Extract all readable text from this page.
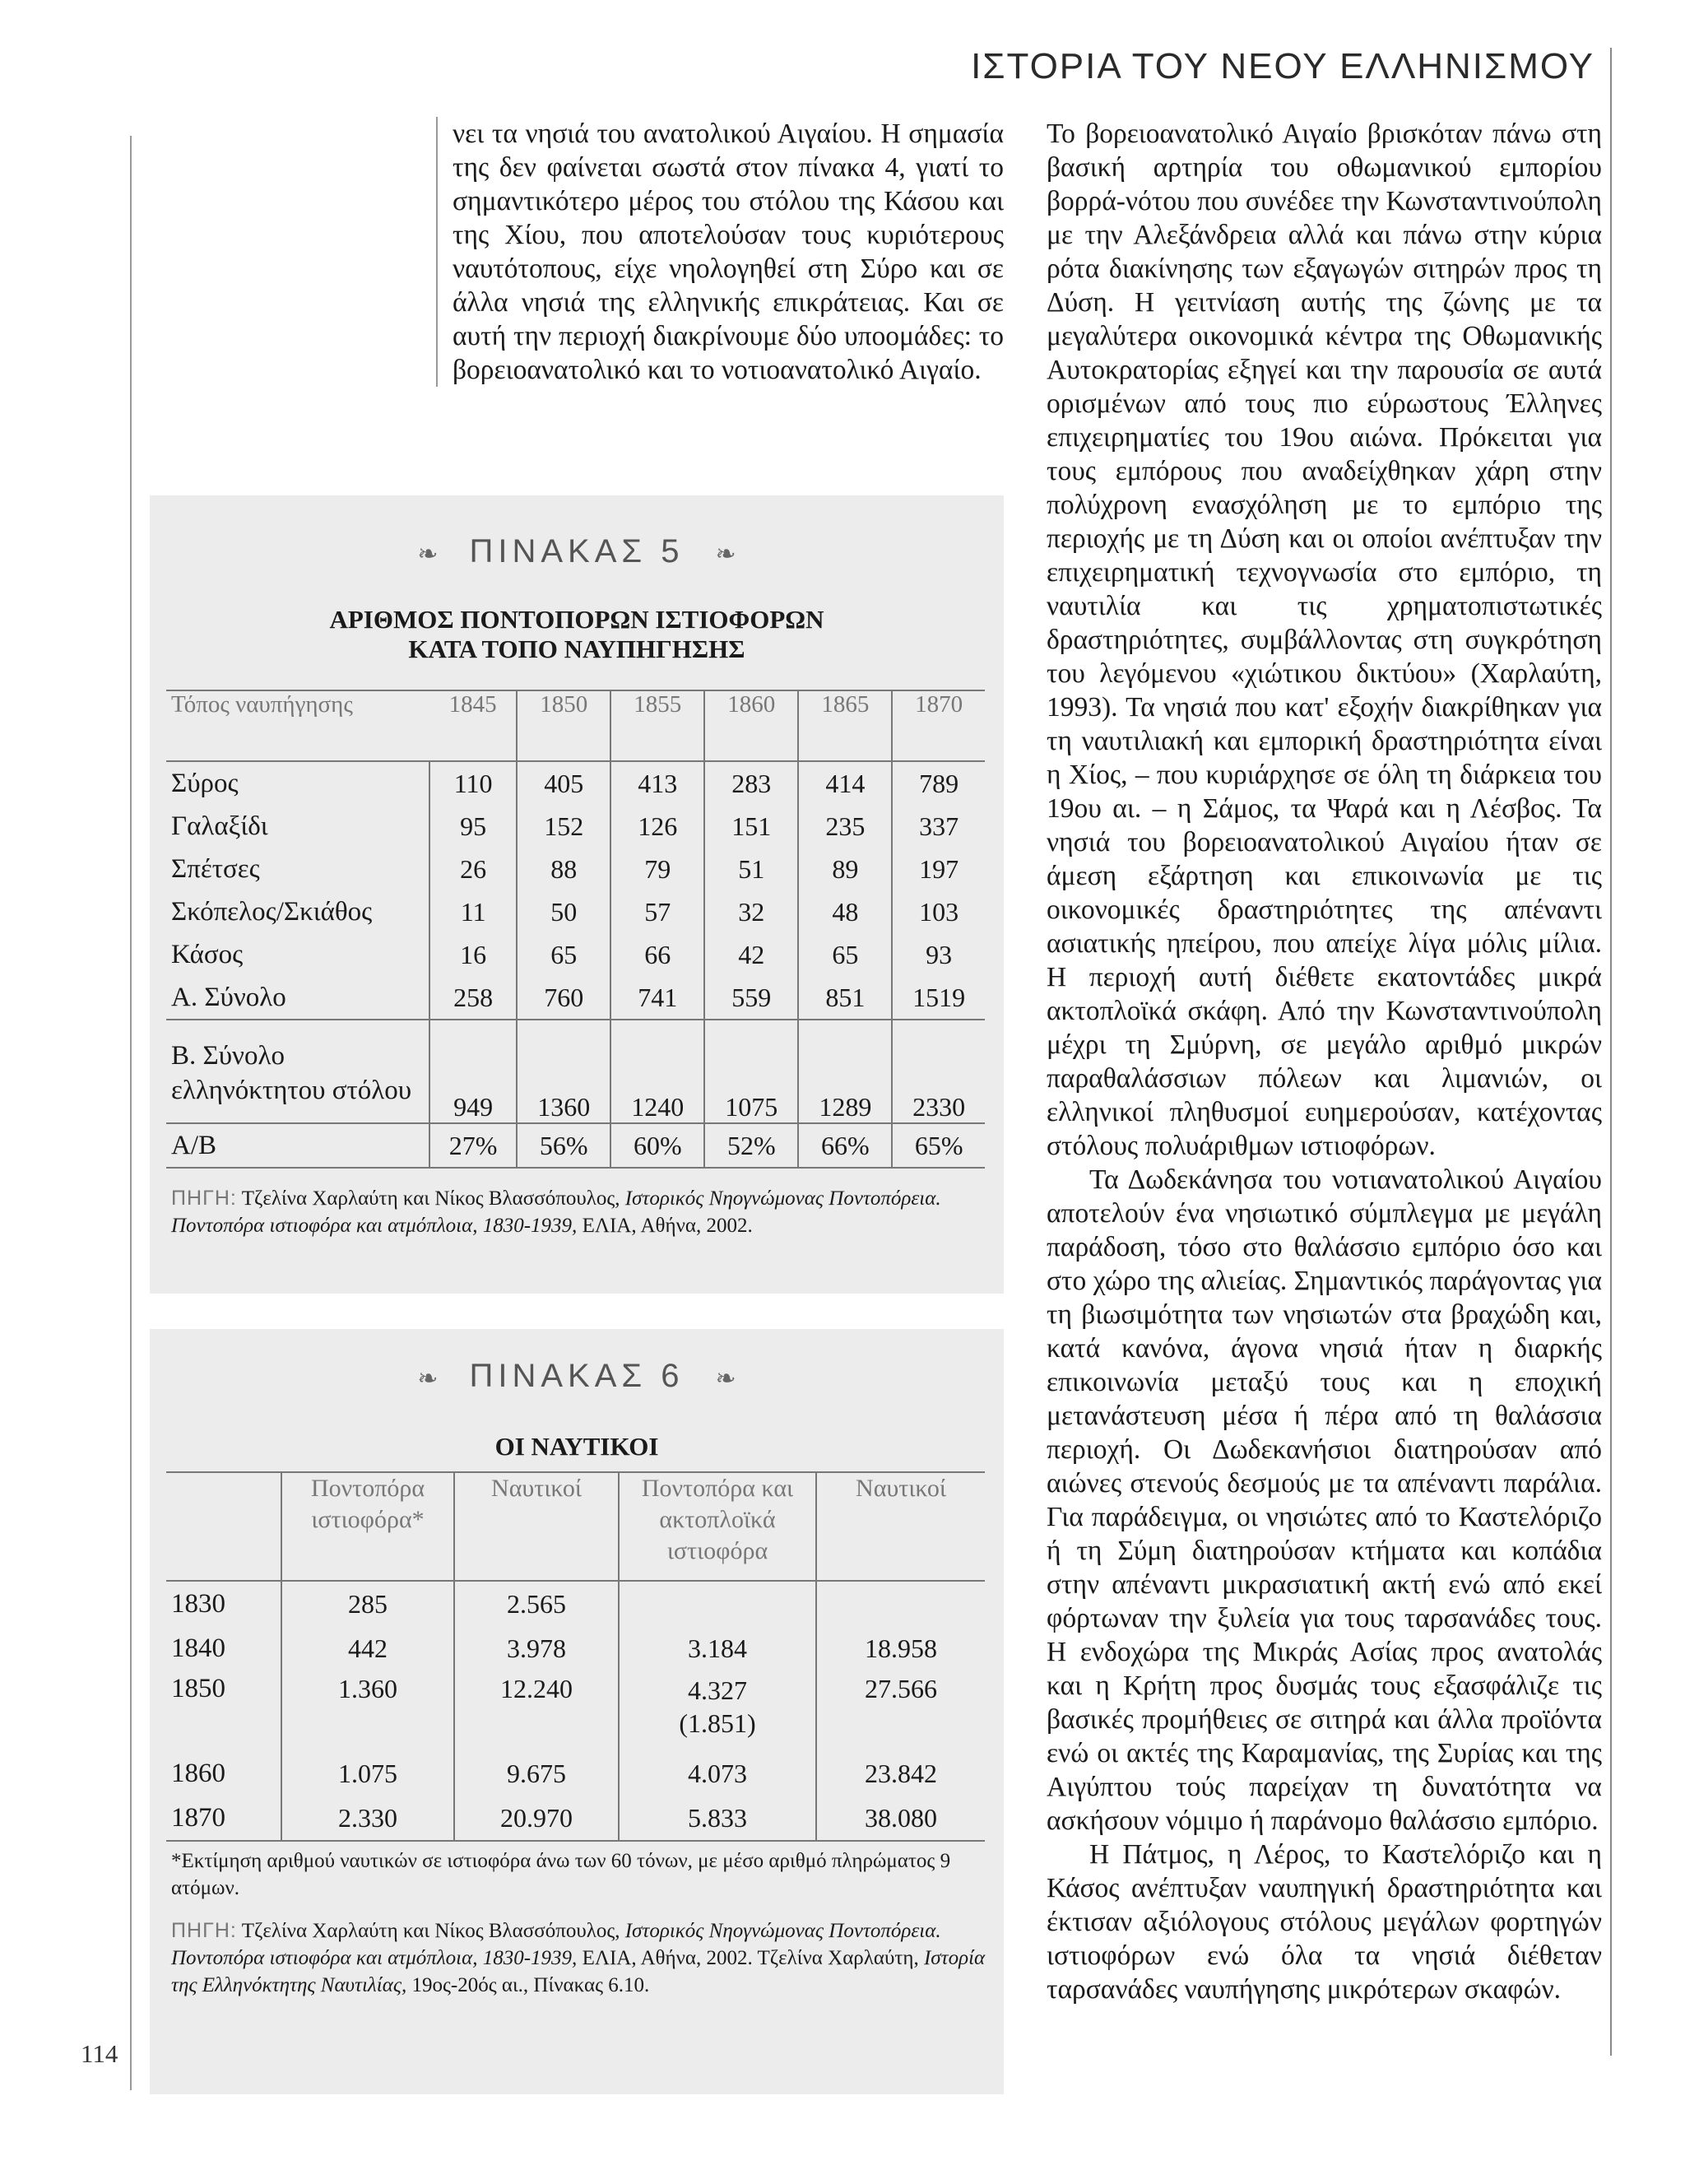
ΙΣΤΟΡΙΑ ΤΟΥ ΝΕΟΥ ΕΛΛΗΝΙΣΜΟΥ
114

νει τα νησιά του ανατολικού Αιγαίου. Η σημασία της δεν φαίνεται σωστά στον πίνακα 4, γιατί το σημαντικότερο μέρος του στόλου της Κάσου και της Χίου, που αποτελούσαν τους κυριότερους ναυτότοπους, είχε νηολογηθεί στη Σύρο και σε άλλα νησιά της ελληνικής επικράτειας. Και σε αυτή την περιοχή διακρίνουμε δύο υποομάδες: το βορειοανατολικό και το νοτιοανατολικό Αιγαίο.

Το βορειοανατολικό Αιγαίο βρισκόταν πάνω στη βασική αρτηρία του οθωμανικού εμπορίου βορρά-νότου που συνέδεε την Κωνσταντινούπολη με την Αλεξάνδρεια αλλά και πάνω στην κύρια ρότα διακίνησης των εξαγωγών σιτηρών προς τη Δύση. Η γειτνίαση αυτής της ζώνης με τα μεγαλύτερα οικονομικά κέντρα της Οθωμανικής Αυτοκρατορίας εξηγεί και την παρουσία σε αυτά ορισμένων από τους πιο εύρωστους Έλληνες επιχειρηματίες του 19ου αιώνα. Πρόκειται για τους εμπόρους που αναδείχθηκαν χάρη στην πολύχρονη ενασχόληση με το εμπόριο της περιοχής με τη Δύση και οι οποίοι ανέπτυξαν την επιχειρηματική τεχνογνωσία στο εμπόριο, τη ναυτιλία και τις χρηματοπιστωτικές δραστηριότητες, συμβάλλοντας στη συγκρότηση του λεγόμενου «χιώτικου δικτύου» (Χαρλαύτη, 1993). Τα νησιά που κατ' εξοχήν διακρίθηκαν για τη ναυτιλιακή και εμπορική δραστηριότητα είναι η Χίος, – που κυριάρχησε σε όλη τη διάρκεια του 19ου αι. – η Σάμος, τα Ψαρά και η Λέσβος. Τα νησιά του βορειοανατολικού Αιγαίου ήταν σε άμεση εξάρτηση και επικοινωνία με τις οικονομικές δραστηριότητες της απέναντι ασιατικής ηπείρου, που απείχε λίγα μόλις μίλια. Η περιοχή αυτή διέθετε εκατοντάδες μικρά ακτοπλοϊκά σκάφη. Από την Κωνσταντινούπολη μέχρι τη Σμύρνη, σε μεγάλο αριθμό μικρών παραθαλάσσιων πόλεων και λιμανιών, οι ελληνικοί πληθυσμοί ευημερούσαν, κατέχοντας στόλους πολυάριθμων ιστιοφόρων.

Τα Δωδεκάνησα του νοτιανατολικού Αιγαίου αποτελούν ένα νησιωτικό σύμπλεγμα με μεγάλη παράδοση, τόσο στο θαλάσσιο εμπόριο όσο και στο χώρο της αλιείας. Σημαντικός παράγοντας για τη βιωσιμότητα των νησιωτών στα βραχώδη και, κατά κανόνα, άγονα νησιά ήταν η διαρκής επικοινωνία μεταξύ τους και η εποχική μετανάστευση μέσα ή πέρα από τη θαλάσσια περιοχή. Οι Δωδεκανήσιοι διατηρούσαν από αιώνες στενούς δεσμούς με τα απέναντι παράλια. Για παράδειγμα, οι νησιώτες από το Καστελόριζο ή τη Σύμη διατηρούσαν κτήματα και κοπάδια στην απέναντι μικρασιατική ακτή ενώ από εκεί φόρτωναν την ξυλεία για τους ταρσανάδες τους. Η ενδοχώρα της Μικράς Ασίας προς ανατολάς και η Κρήτη προς δυσμάς τους εξασφάλιζε τις βασικές προμήθειες σε σιτηρά και άλλα προϊόντα ενώ οι ακτές της Καραμανίας, της Συρίας και της Αιγύπτου τούς παρείχαν τη δυνατότητα να ασκήσουν νόμιμο ή παράνομο θαλάσσιο εμπόριο.

Η Πάτμος, η Λέρος, το Καστελόριζο και η Κάσος ανέπτυξαν ναυπηγική δραστηριότητα και έκτισαν αξιόλογους στόλους μεγάλων φορτηγών ιστιοφόρων ενώ όλα τα νησιά διέθεταν ταρσανάδες ναυπήγησης μικρότερων σκαφών.

❧ ΠΙΝΑΚΑΣ 5 ❧
ΑΡΙΘΜΟΣ ΠΟΝΤΟΠΟΡΩΝ ΙΣΤΙΟΦΟΡΩΝ
ΚΑΤΑ ΤΟΠΟ ΝΑΥΠΗΓΗΣΗΣ
Τόπος ναυπήγησης	1845	1850	1855	1860	1865	1870
Σύρος	110	405	413	283	414	789
Γαλαξίδι	95	152	126	151	235	337
Σπέτσες	26	88	79	51	89	197
Σκόπελος/Σκιάθος	11	50	57	32	48	103
Κάσος	16	65	66	42	65	93
Α. Σύνολο	258	760	741	559	851	1519
Β. Σύνολο ελληνόκτητου στόλου	949	1360	1240	1075	1289	2330
Α/Β	27%	56%	60%	52%	66%	65%
ΠΗΓΗ: Τζελίνα Χαρλαύτη και Νίκος Βλασσόπουλος, Ιστορικός Νηογνώμονας Ποντοπόρεια. Ποντοπόρα ιστιοφόρα και ατμόπλοια, 1830-1939, ΕΛΙΑ, Αθήνα, 2002.
❧ ΠΙΝΑΚΑΣ 6 ❧
ΟΙ ΝΑΥΤΙΚΟΙ
	Ποντοπόρα ιστιοφόρα*	Ναυτικοί	Ποντοπόρα και ακτοπλοϊκά ιστιοφόρα	Ναυτικοί
1830	285	2.565		
1840	442	3.978	3.184	18.958
1850	1.360	12.240	4.327 (1.851)	27.566
1860	1.075	9.675	4.073	23.842
1870	2.330	20.970	5.833	38.080
*Εκτίμηση αριθμού ναυτικών σε ιστιοφόρα άνω των 60 τόνων, με μέσο αριθμό πληρώματος 9 ατόμων.
ΠΗΓΗ: Τζελίνα Χαρλαύτη και Νίκος Βλασσόπουλος, Ιστορικός Νηογνώμονας Ποντοπόρεια. Ποντοπόρα ιστιοφόρα και ατμόπλοια, 1830-1939, ΕΛΙΑ, Αθήνα, 2002. Τζελίνα Χαρλαύτη, Ιστορία της Ελληνόκτητης Ναυτιλίας, 19ος-20ός αι., Πίνακας 6.10.
